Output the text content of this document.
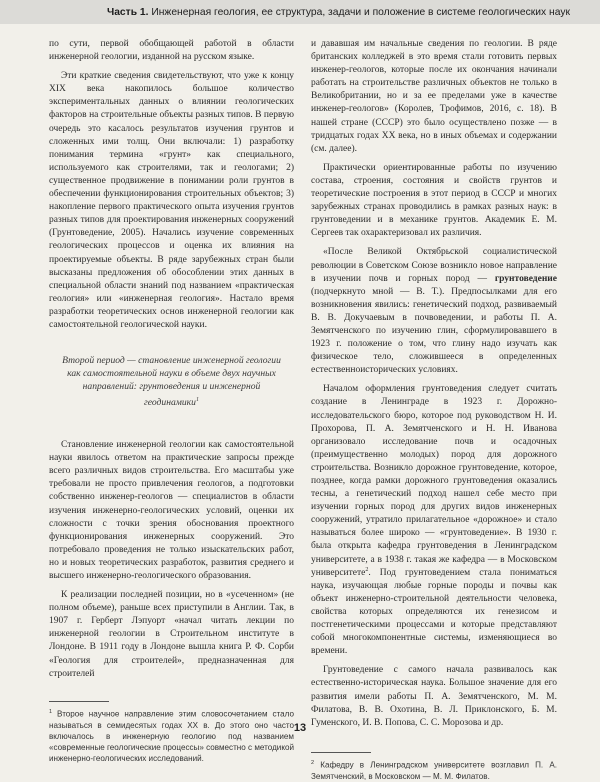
Часть 1. Инженерная геология, ее структура, задачи и положение в системе геологических наук

по сути, первой обобщающей работой в области инженерной геологии, изданной на русском языке.

Эти краткие сведения свидетельствуют, что уже к концу XIX века накопилось большое количество экспериментальных данных о влиянии геологических факторов на строительные объекты разных типов. В первую очередь это касалось результатов изучения грунтов и сложенных ими толщ. Они включали: 1) разработку понимания термина «грунт» как специального, используемого как строителями, так и геологами; 2) существенное продвижение в понимании роли грунтов в обеспечении функционирования строительных объектов; 3) накопление первого практического опыта изучения грунтов разных типов для проектирования инженерных сооружений (Грунтоведение, 2005). Начались изучение современных геологических процессов и оценка их влияния на проектируемые объекты. В ряде зарубежных стран были высказаны предложения об обособлении этих данных в специальной области знаний под названием «практическая геология» или «инженерная геология». Настало время разработки теоретических основ инженерной геологии как самостоятельной геологической науки.

Второй период — становление инженерной геологии как самостоятельной науки в объеме двух научных направлений: грунтоведения и инженерной геодинамики$^1$

Становление инженерной геологии как самостоятельной науки явилось ответом на практические запросы прежде всего различных видов строительства. Его масштабы уже требовали не просто привлечения геологов, а подготовки собственно инженер-геологов — специалистов в области изучения инженерно-геологических условий, оценки их сложности с точки зрения обоснования проектного функционирования инженерных сооружений. Это потребовало проведения не только изыскательских работ, но и новых теоретических разработок, развития среднего и высшего инженерно-геологического образования.

К реализации последней позиции, но в «усеченном» (не полном объеме), раньше всех приступили в Англии. Так, в 1907 г. Герберт Лэпуорт «начал читать лекции по инженерной геологии в Строительном институте в Лондоне. В 1911 году в Лондоне вышла книга Р. Ф. Сорби «Геология для строителей», предназначенная для строителей

$^1$ Второе научное направление этим словосочетанием стало называться в семидесятых годах XX в. До этого оно часто включалось в инженерную геологию под названием «современные геологические процессы» совместно с методикой инженерно-геологических исследований.

и дававшая им начальные сведения по геологии. В ряде британских колледжей в это время стали готовить первых инженер-геологов, которые после их окончания начинали работать на строительстве различных объектов не только в Великобритании, но и за ее пределами уже в качестве инженер-геологов» (Королев, Трофимов, 2016, с. 18). В нашей стране (СССР) это было осуществлено позже — в тридцатых годах XX века, но в иных объемах и содержании (см. далее).

Практически ориентированные работы по изучению состава, строения, состояния и свойств грунтов и теоретические построения в этот период в СССР и многих зарубежных странах проводились в рамках разных наук: в грунтоведении и в механике грунтов. Академик Е. М. Сергеев так охарактеризовал их различия.

«После Великой Октябрьской социалистической революции в Советском Союзе возникло новое направление в изучении почв и горных пород — грунтоведение (подчеркнуто мной — В. Т.). Предпосылками для его возникновения явились: генетический подход, развиваемый В. В. Докучаевым в почвоведении, и работы П. А. Земятченского по изучению глин, сформулировавшего в 1923 г. положение о том, что глину надо изучать как физическое тело, сложившееся в определенных естественноисторических условиях.

Началом оформления грунтоведения следует считать создание в Ленинграде в 1923 г. Дорожно-исследовательского бюро, которое под руководством Н. И. Прохорова, П. А. Земятченского и Н. Н. Иванова организовало исследование почв и осадочных (преимущественно молодых) пород для дорожного строительства. Возникло дорожное грунтоведение, которое, позднее, когда рамки дорожного грунтоведения оказались тесны, а генетический подход нашел себе место при изучении горных пород для других видов инженерных сооружений, утратило прилагательное «дорожное» и стало называться более широко — «грунтоведение». В 1930 г. была открыта кафедра грунтоведения в Ленинградском университете, а в 1938 г. такая же кафедра — в Московском университете$^2$. Под грунтоведением стала пониматься наука, изучающая любые горные породы и почвы как объект инженерно-строительной деятельности человека, свойства которых определяются их генезисом и постгенетическими процессами и которые представляют собой многокомпонентные системы, изменяющиеся во времени.

Грунтоведение с самого начала развивалось как естественно-историческая наука. Большое значение для его развития имели работы П. А. Земятченского, М. М. Филатова, В. В. Охотина, В. Л. Приклонского, Б. М. Гуменского, И. В. Попова, С. С. Морозова и др.

$^2$ Кафедру в Ленинградском университете возглавил П. А. Земятченский, в Московском — М. М. Филатов.
13
